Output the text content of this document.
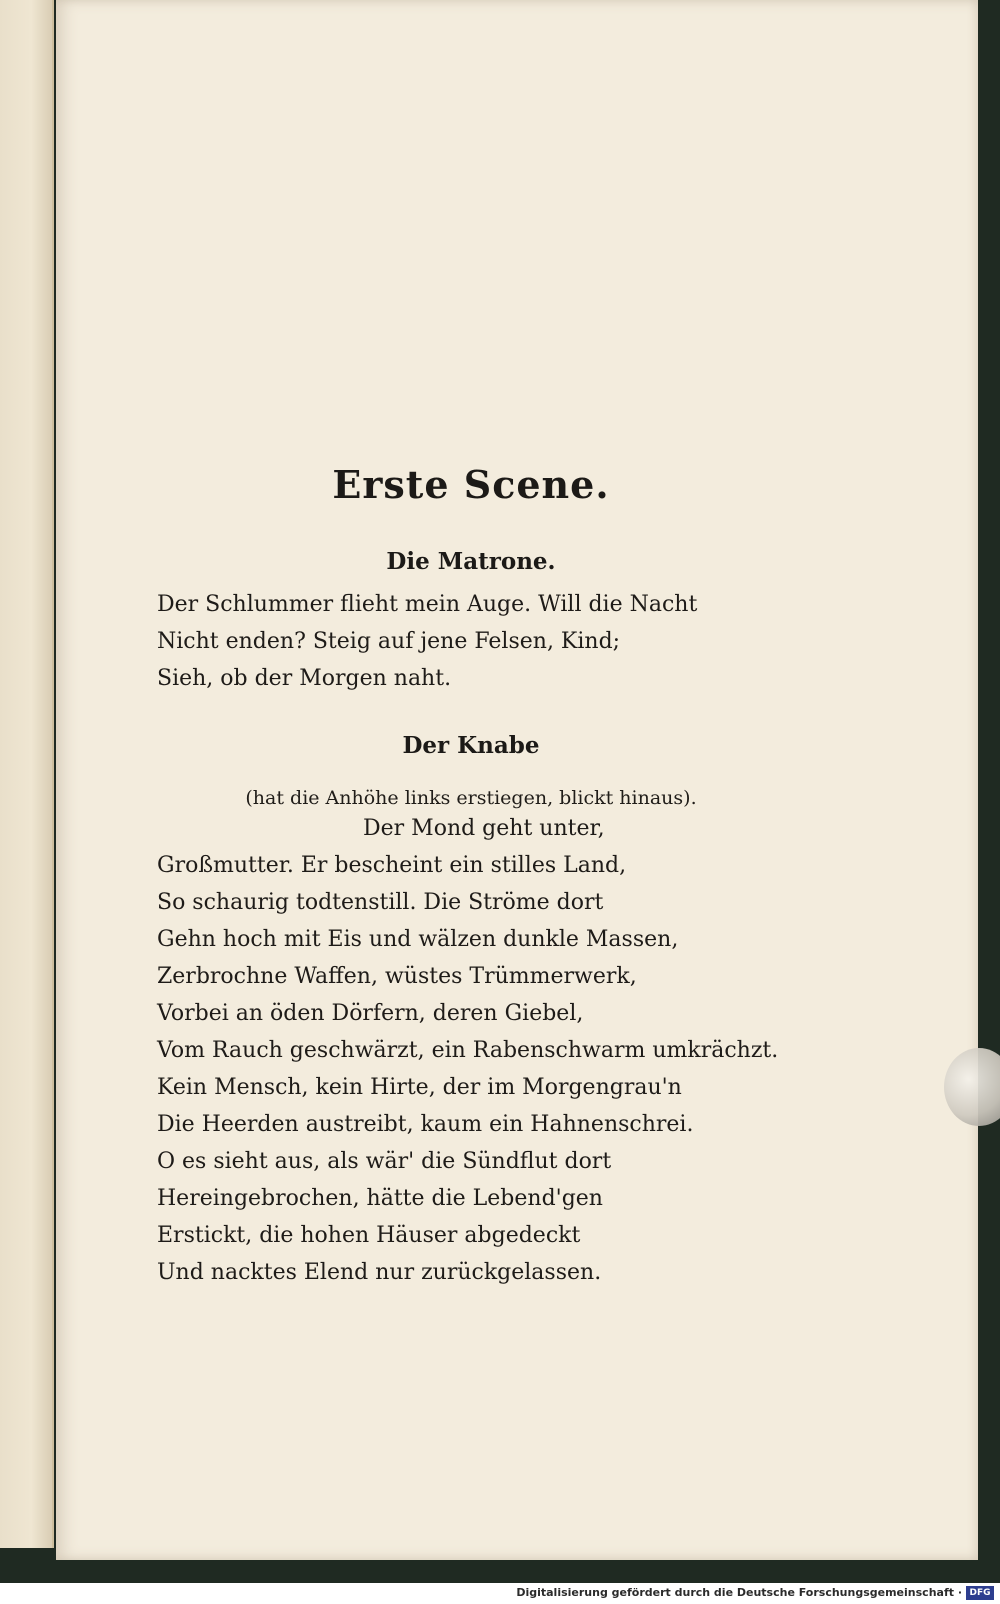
Erste Scene.
Die Matrone.
Der Schlummer flieht mein Auge. Will die Nacht
Nicht enden? Steig auf jene Felsen, Kind;
Sieh, ob der Morgen naht.
Der Knabe
(hat die Anhöhe links erstiegen, blickt hinaus).
Der Mond geht unter,
Großmutter. Er bescheint ein stilles Land,
So schaurig todtenstill. Die Ströme dort
Gehn hoch mit Eis und wälzen dunkle Massen,
Zerbrochne Waffen, wüstes Trümmerwerk,
Vorbei an öden Dörfern, deren Giebel,
Vom Rauch geschwärzt, ein Rabenschwarm umkrächzt.
Kein Mensch, kein Hirte, der im Morgengrau'n
Die Heerden austreibt, kaum ein Hahnenschrei.
O es sieht aus, als wär' die Sündflut dort
Hereingebrochen, hätte die Lebend'gen
Erstickt, die hohen Häuser abgedeckt
Und nacktes Elend nur zurückgelassen.
Digitalisierung gefördert durch die Deutsche Forschungsgemeinschaft · DFG
